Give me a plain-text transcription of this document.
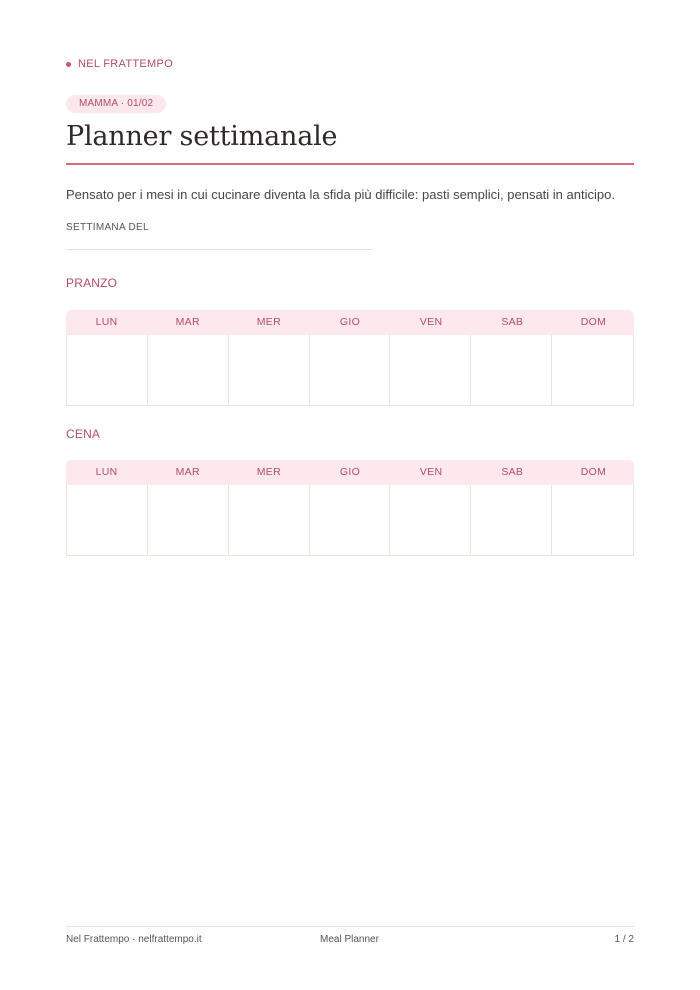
NEL FRATTEMPO
MAMMA · 01/02
Planner settimanale

Pensato per i mesi in cui cucinare diventa la sfida più difficile: pasti semplici, pensati in anticipo.

SETTIMANA DEL
PRANZO
LUN	MAR	MER	GIO	VEN	SAB	DOM
CENA
LUN	MAR	MER	GIO	VEN	SAB	DOM
Nel Frattempo · nelfrattempo.it	Meal Planner	1 / 2
